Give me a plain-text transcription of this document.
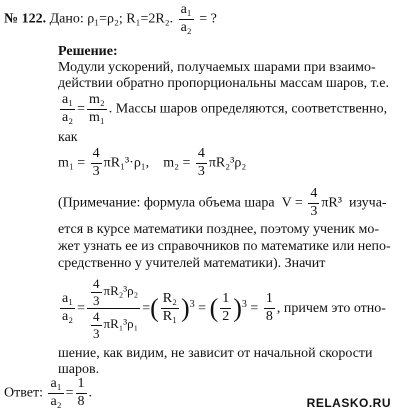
№ 122. Дано: ρ₁=ρ₂; R₁=2R₂. $\frac{\text{a₁}}{\text{a₂}}$ = ?
Решение:
Модули ускорений, получаемых шарами при взаимо-
действии обратно пропорциональны массам шаров, т.е.
$\frac{\text{a₁}}{\text{a₂}} = \frac{\text{m₂}}{\text{m₁}}$ . Массы шаров определяются, соответственно,
как
$m_1 = \frac{4}{3} \pi R_1^3\cdot\rho_1$, $m_2 = \frac{4}{3} \pi R_2^3\rho_2$
(Примечание: формула объема шара $V = \frac{4}{3} \pi R^3$ изуча-
ется в курсе математики позднее, поэтому ученик мо-
жет узнать ее из справочников по математике или непо-
средственно у учителей математики). Значит
$\frac{\text{a₁}}{\text{a₂}} = \frac{\frac{4}{3} \pi R_2^3\rho_2}{\frac{4}{3} \pi R_1^3\rho_1}$ =( $\frac{\text{R₂}}{\text{R₁}} )^3$ = ( $\frac{1}{2} )^3 = \frac{1}{8}$ , причем это отно-
шение, как видим, не зависит от начальной скорости
шаров.
Ответ: $\frac{\text{a₁}}{\text{a₂}} = \frac{1}{8}$ .
RELASKO.RU
